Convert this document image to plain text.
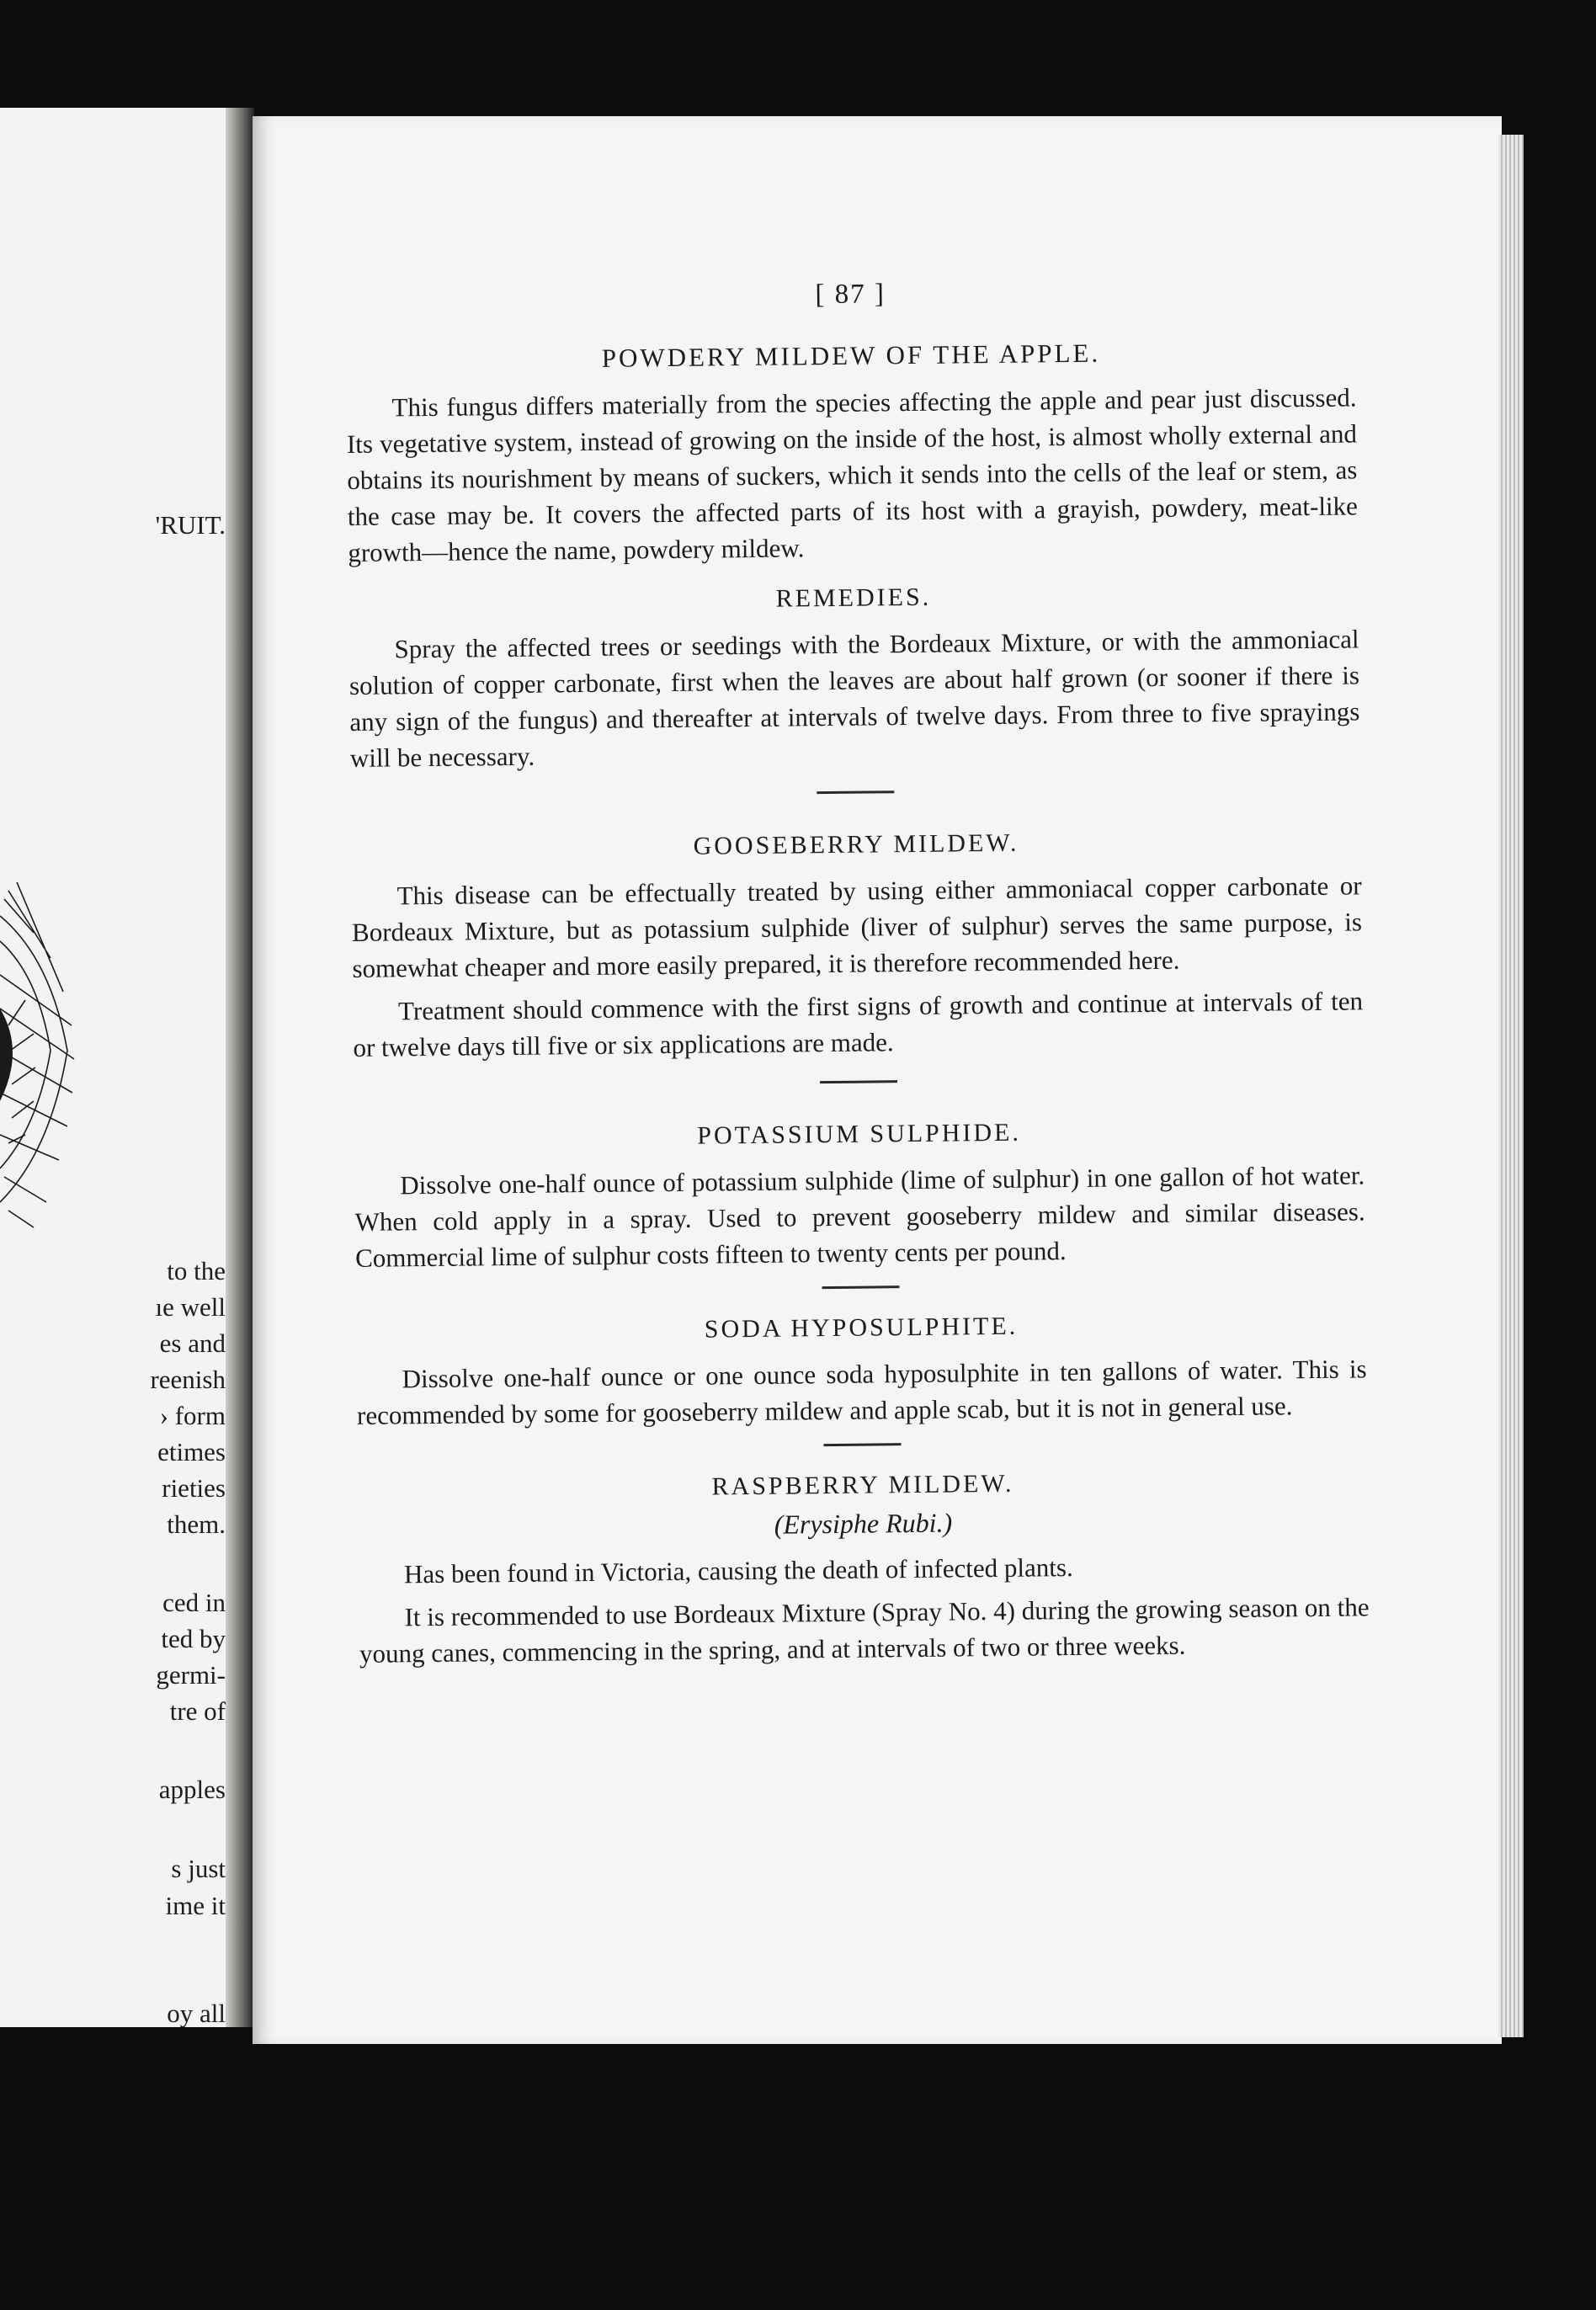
'RUIT.
to the
ıe well
es and
reenish
› form
etimes
rieties
them.
ced in
ted by
germi-
tre of
apples
s just
ime it
oy all
[ 87 ]
POWDERY MILDEW OF THE APPLE.

This fungus differs materially from the species affecting the apple and pear just discussed. Its vegetative system, instead of growing on the inside of the host, is almost wholly external and obtains its nourishment by means of suckers, which it sends into the cells of the leaf or stem, as the case may be. It covers the affected parts of its host with a grayish, powdery, meat-like growth—hence the name, powdery mildew.

REMEDIES.

Spray the affected trees or seedings with the Bordeaux Mixture, or with the ammoniacal solution of copper carbonate, first when the leaves are about half grown (or sooner if there is any sign of the fungus) and thereafter at intervals of twelve days. From three to five sprayings will be necessary.

GOOSEBERRY MILDEW.

This disease can be effectually treated by using either ammoniacal copper carbonate or Bordeaux Mixture, but as potassium sulphide (liver of sulphur) serves the same purpose, is somewhat cheaper and more easily prepared, it is therefore recommended here.

Treatment should commence with the first signs of growth and continue at intervals of ten or twelve days till five or six applications are made.

POTASSIUM SULPHIDE.

Dissolve one-half ounce of potassium sulphide (lime of sulphur) in one gallon of hot water. When cold apply in a spray. Used to prevent gooseberry mildew and similar diseases. Commercial lime of sulphur costs fifteen to twenty cents per pound.

SODA HYPOSULPHITE.

Dissolve one-half ounce or one ounce soda hyposulphite in ten gallons of water. This is recommended by some for gooseberry mildew and apple scab, but it is not in general use.

RASPBERRY MILDEW.
(Erysiphe Rubi.)

Has been found in Victoria, causing the death of infected plants.

It is recommended to use Bordeaux Mixture (Spray No. 4) during the growing season on the young canes, commencing in the spring, and at intervals of two or three weeks.
